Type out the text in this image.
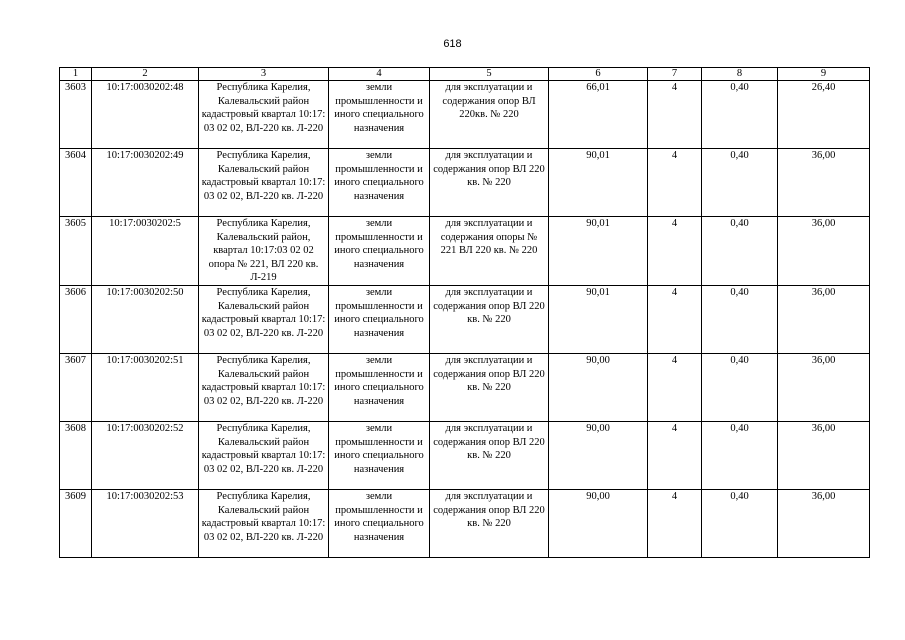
618
1	2	3	4	5	6	7	8	9
3603	10:17:0030202:48	Республика Карелия, Калевальский район кадастровый квартал 10:17: 03 02 02, ВЛ-220 кв. Л-220	земли промышленности и иного специального назначения	для эксплуатации и содержания опор ВЛ 220кв. № 220	66,01	4	0,40	26,40
3604	10:17:0030202:49	Республика Карелия, Калевальский район кадастровый квартал 10:17: 03 02 02, ВЛ-220 кв. Л-220	земли промышленности и иного специального назначения	для эксплуатации и содержания опор ВЛ 220 кв. № 220	90,01	4	0,40	36,00
3605	10:17:0030202:5	Республика Карелия, Калевальский район, квартал 10:17:03 02 02 опора № 221, ВЛ 220 кв. Л-219	земли промышленности и иного специального назначения	для эксплуатации и содержания опоры № 221 ВЛ 220 кв. № 220	90,01	4	0,40	36,00
3606	10:17:0030202:50	Республика Карелия, Калевальский район кадастровый квартал 10:17: 03 02 02, ВЛ-220 кв. Л-220	земли промышленности и иного специального назначения	для эксплуатации и содержания опор ВЛ 220 кв. № 220	90,01	4	0,40	36,00
3607	10:17:0030202:51	Республика Карелия, Калевальский район кадастровый квартал 10:17: 03 02 02, ВЛ-220 кв. Л-220	земли промышленности и иного специального назначения	для эксплуатации и содержания опор ВЛ 220 кв. № 220	90,00	4	0,40	36,00
3608	10:17:0030202:52	Республика Карелия, Калевальский район кадастровый квартал 10:17: 03 02 02, ВЛ-220 кв. Л-220	земли промышленности и иного специального назначения	для эксплуатации и содержания опор ВЛ 220 кв. № 220	90,00	4	0,40	36,00
3609	10:17:0030202:53	Республика Карелия, Калевальский район кадастровый квартал 10:17: 03 02 02, ВЛ-220 кв. Л-220	земли промышленности и иного специального назначения	для эксплуатации и содержания опор ВЛ 220 кв. № 220	90,00	4	0,40	36,00
